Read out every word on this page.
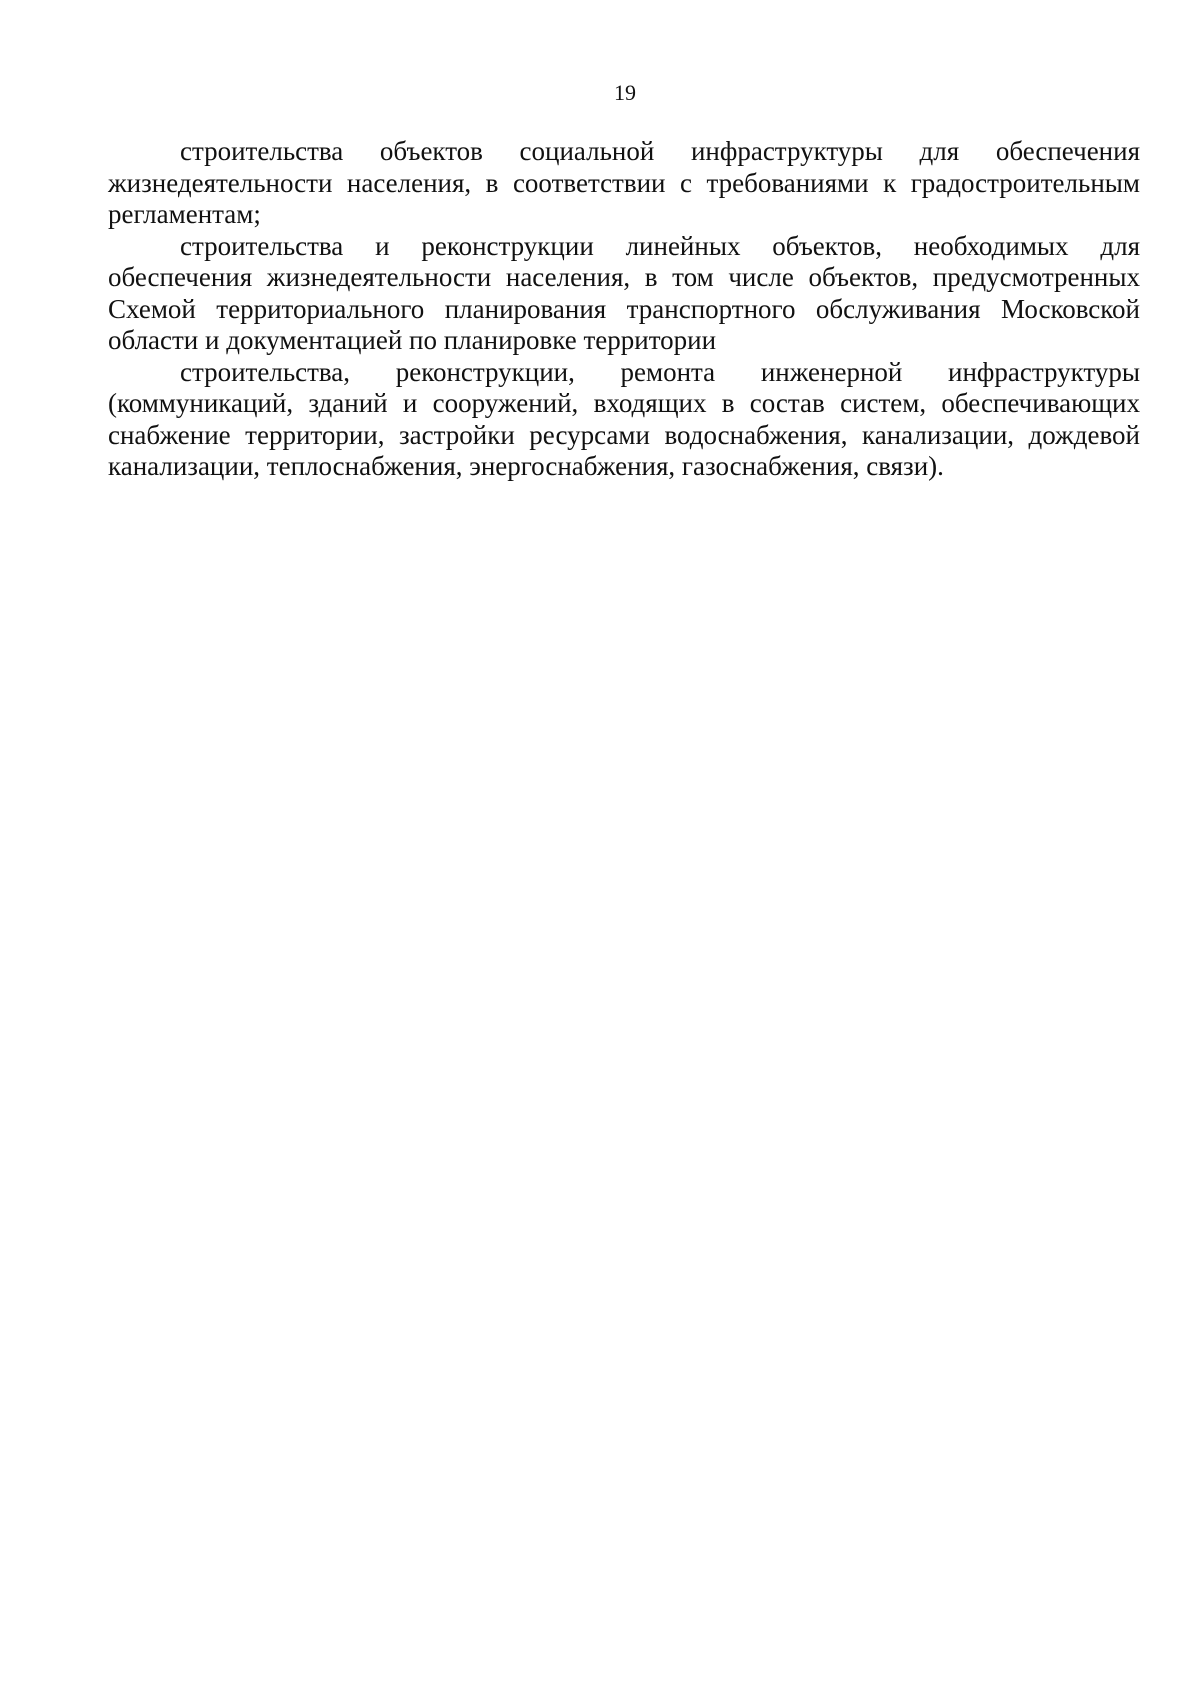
19

строительства объектов социальной инфраструктуры для обеспечения жизнедеятельности населения, в соответствии с требованиями к градостроительным регламентам;

строительства и реконструкции линейных объектов, необходимых для обеспечения жизнедеятельности населения, в том числе объектов, предусмотренных Схемой территориального планирования транспортного обслуживания Московской области и документацией по планировке территории

строительства, реконструкции, ремонта инженерной инфраструктуры (коммуникаций, зданий и сооружений, входящих в состав систем, обеспечивающих снабжение территории, застройки ресурсами водоснабжения, канализации, дождевой канализации, теплоснабжения, энергоснабжения, газоснабжения, связи).
